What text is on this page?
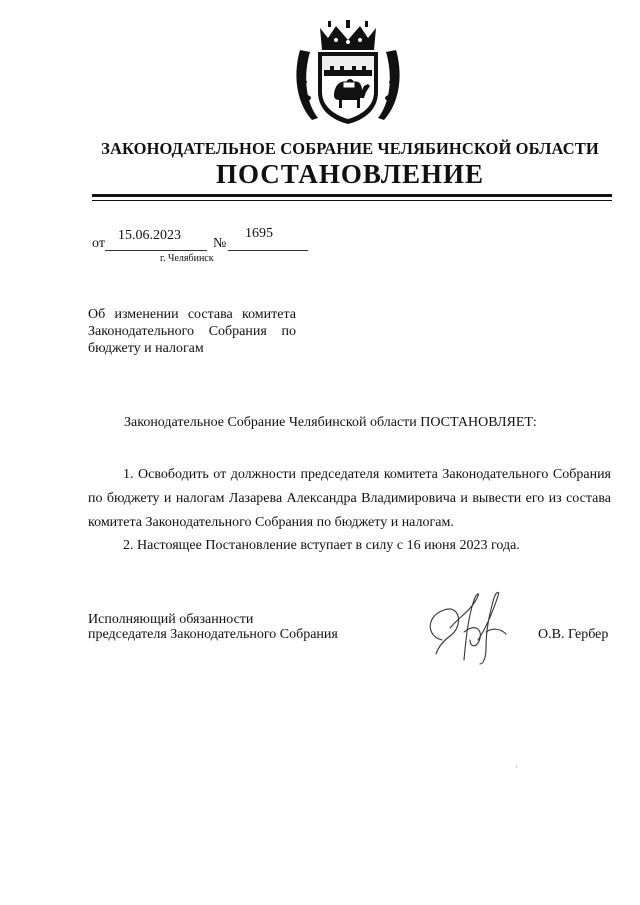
ЗАКОНОДАТЕЛЬНОЕ СОБРАНИЕ ЧЕЛЯБИНСКОЙ ОБЛАСТИ
ПОСТАНОВЛЕНИЕ
от
15.06.2023
№
1695
г. Челябинск
Об изменении состава комитета Законодательного Собрания по бюджету и налогам
Законодательное Собрание Челябинской области ПОСТАНОВЛЯЕТ:
1. Освободить от должности председателя комитета Законодательного Собрания по бюджету и налогам Лазарева Александра Владимировича и вывести его из состава комитета Законодательного Собрания по бюджету и налогам.
2. Настоящее Постановление вступает в силу с 16 июня 2023 года.
Исполняющий обязанности
председателя Законодательного Собрания	О.В. Гербер
